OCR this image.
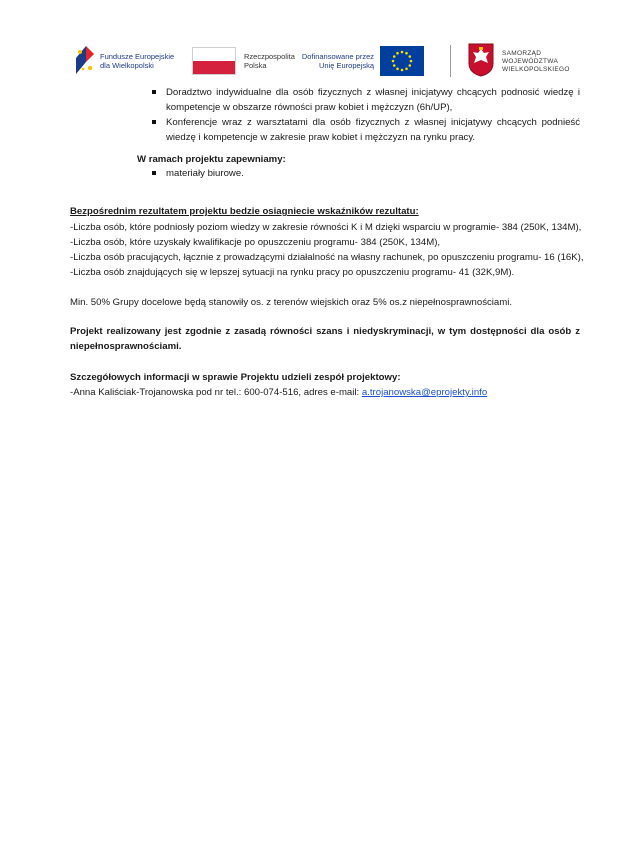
Fundusze Europejskie
dla Wielkopolski
Rzeczpospolita
Polska
Dofinansowane przez
Unię Europejską
SAMORZĄD
WOJEWÓDZTWA
WIELKOPOLSKIEGO
Doradztwo indywidualne dla osób fizycznych z własnej inicjatywy chcących podnosić wiedzę i kompetencje w obszarze równości praw kobiet i mężczyzn (6h/UP),
Konferencje wraz z warsztatami dla osób fizycznych z własnej inicjatywy chcących podnieść wiedzę i kompetencje w zakresie praw kobiet i mężczyzn na rynku pracy.
W ramach projektu zapewniamy:
materiały biurowe.
Bezpośrednim rezultatem projektu bedzie osiagniecie wskaźników rezultatu:
-Liczba osób, które podniosły poziom wiedzy w zakresie równości K i M dzięki wsparciu w programie- 384 (250K, 134M),
-Liczba osób, które uzyskały kwalifikacje po opuszczeniu programu- 384 (250K, 134M),
-Liczba osób pracujących, łącznie z prowadzącymi działalność na własny rachunek, po opuszczeniu programu- 16 (16K),
-Liczba osób znajdujących się w lepszej sytuacji na rynku pracy po opuszczeniu programu- 41 (32K,9M).
Min. 50% Grupy docelowe będą stanowiły os. z terenów wiejskich oraz 5% os.z niepełnosprawnościami.
Projekt realizowany jest zgodnie z zasadą równości szans i niedyskryminacji, w tym dostępności dla osób z niepełnosprawnościami.
Szczegółowych informacji w sprawie Projektu udzieli zespół projektowy:
-Anna Kaliściak-Trojanowska pod nr tel.: 600-074-516, adres e-mail: a.trojanowska@eprojekty.info
